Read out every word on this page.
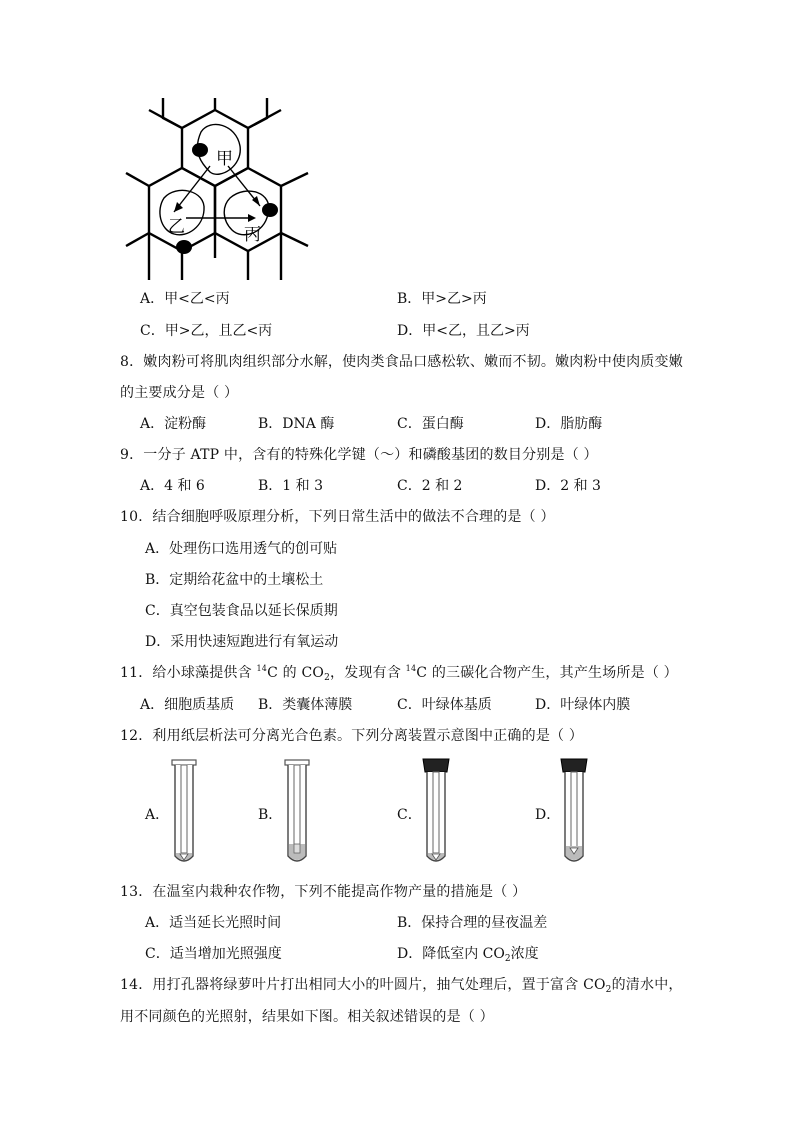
甲
乙	丙
A．甲<乙<丙	B．甲>乙>丙
C．甲>乙，且乙<丙	D．甲<乙，且乙>丙
8．嫩肉粉可将肌肉组织部分水解，使肉类食品口感松软、嫩而不韧。嫩肉粉中使肉质变嫩
的主要成分是（ ）
A．淀粉酶	B．DNA 酶	C．蛋白酶	D．脂肪酶
9．一分子 ATP 中，含有的特殊化学键（～）和磷酸基团的数目分别是（ ）
A．4 和 6	B．1 和 3	C．2 和 2	D．2 和 3
10．结合细胞呼吸原理分析，下列日常生活中的做法不合理的是（ ）
A．处理伤口选用透气的创可贴
B．定期给花盆中的土壤松土
C．真空包装食品以延长保质期
D．采用快速短跑进行有氧运动
11．给小球藻提供含 $^{14}$C 的 $CO_2$，发现有含 $^{14}$C 的三碳化合物产生，其产生场所是（ ）
A．细胞质基质 B．类囊体薄膜	C．叶绿体基质	D．叶绿体内膜
12．利用纸层析法可分离光合色素。下列分离装置示意图中正确的是（ ）
A．	B．	C．	D．
13．在温室内栽种农作物，下列不能提高作物产量的措施是（ ）
A．适当延长光照时间	B．保持合理的昼夜温差
C．适当增加光照强度	D．降低室内 $CO_2$浓度
14．用打孔器将绿萝叶片打出相同大小的叶圆片，抽气处理后，置于富含 $CO_2$的清水中，
用不同颜色的光照射，结果如下图。相关叙述错误的是（ ）
